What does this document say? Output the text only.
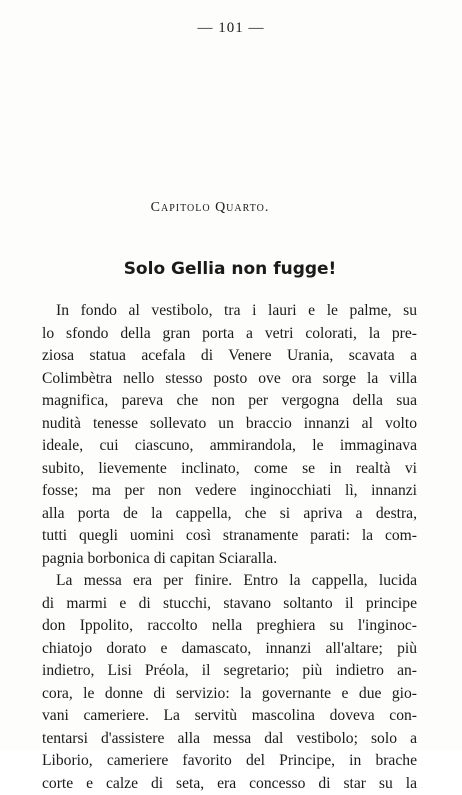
— 101 —
Capitolo Quarto.
Solo Gellia non fugge!
In fondo al vestibolo, tra i lauri e le palme, su
lo sfondo della gran porta a vetri colorati, la pre-
ziosa statua acefala di Venere Urania, scavata a
Colimbètra nello stesso posto ove ora sorge la villa
magnifica, pareva che non per vergogna della sua
nudità tenesse sollevato un braccio innanzi al volto
ideale, cui ciascuno, ammirandola, le immaginava
subito, lievemente inclinato, come se in realtà vi
fosse; ma per non vedere inginocchiati lì, innanzi
alla porta de la cappella, che si apriva a destra,
tutti quegli uomini così stranamente parati: la com-
pagnia borbonica di capitan Sciaralla.
La messa era per finire. Entro la cappella, lucida
di marmi e di stucchi, stavano soltanto il principe
don Ippolito, raccolto nella preghiera su l'inginoc-
chiatojo dorato e damascato, innanzi all'altare; più
indietro, Lisi Préola, il segretario; più indietro an-
cora, le donne di servizio: la governante e due gio-
vani cameriere. La servitù mascolina doveva con-
tentarsi d'assistere alla messa dal vestibolo; solo a
Liborio, cameriere favorito del Principe, in brache
corte e calze di seta, era concesso di star su la
